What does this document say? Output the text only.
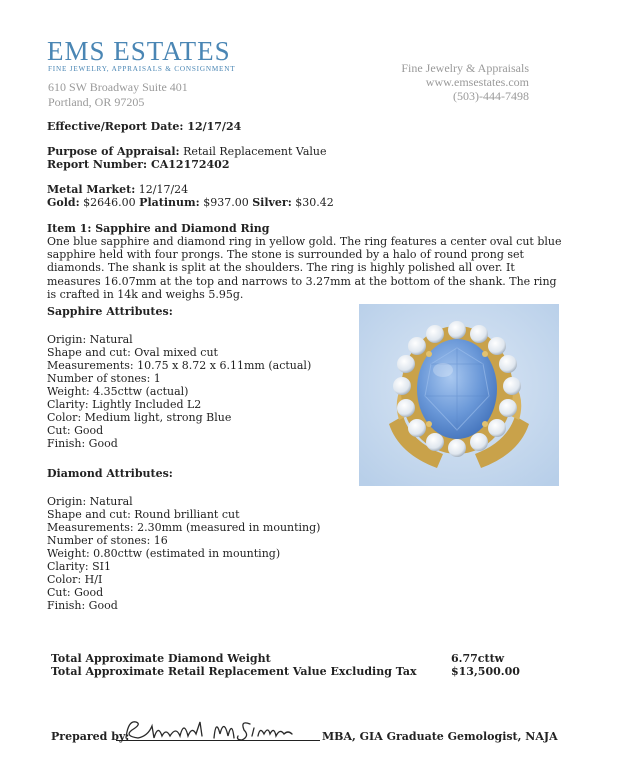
EMS ESTATES
FINE JEWELRY, APPRAISALS & CONSIGNMENT
610 SW Broadway Suite 401
Portland, OR 97205
Fine Jewelry & Appraisals
www.emsestates.com
(503)-444-7498
Effective/Report Date: 12/17/24
Purpose of Appraisal: Retail Replacement Value
Report Number: CA12172402
Metal Market: 12/17/24
Gold: $2646.00 Platinum: $937.00 Silver: $30.42
Item 1: Sapphire and Diamond Ring
One blue sapphire and diamond ring in yellow gold. The ring features a center oval cut blue sapphire held with four prongs. The stone is surrounded by a halo of round prong set diamonds. The shank is split at the shoulders. The ring is highly polished all over. It measures 16.07mm at the top and narrows to 3.27mm at the bottom of the shank. The ring is crafted in 14k and weighs 5.95g.
Sapphire Attributes:
Origin: Natural
Shape and cut: Oval mixed cut
Measurements: 10.75 x 8.72 x 6.11mm (actual)
Number of stones: 1
Weight: 4.35cttw (actual)
Clarity: Lightly Included L2
Color: Medium light, strong Blue
Cut: Good
Finish: Good
Diamond Attributes:
Origin: Natural
Shape and cut: Round brilliant cut
Measurements: 2.30mm (measured in mounting)
Number of stones: 16
Weight: 0.80cttw (estimated in mounting)
Clarity: SI1
Color: H/I
Cut: Good
Finish: Good
Total Approximate Diamond Weight	6.77cttw
Total Approximate Retail Replacement Value Excluding Tax	$13,500.00
Prepared by:	MBA, GIA Graduate Gemologist, NAJA
